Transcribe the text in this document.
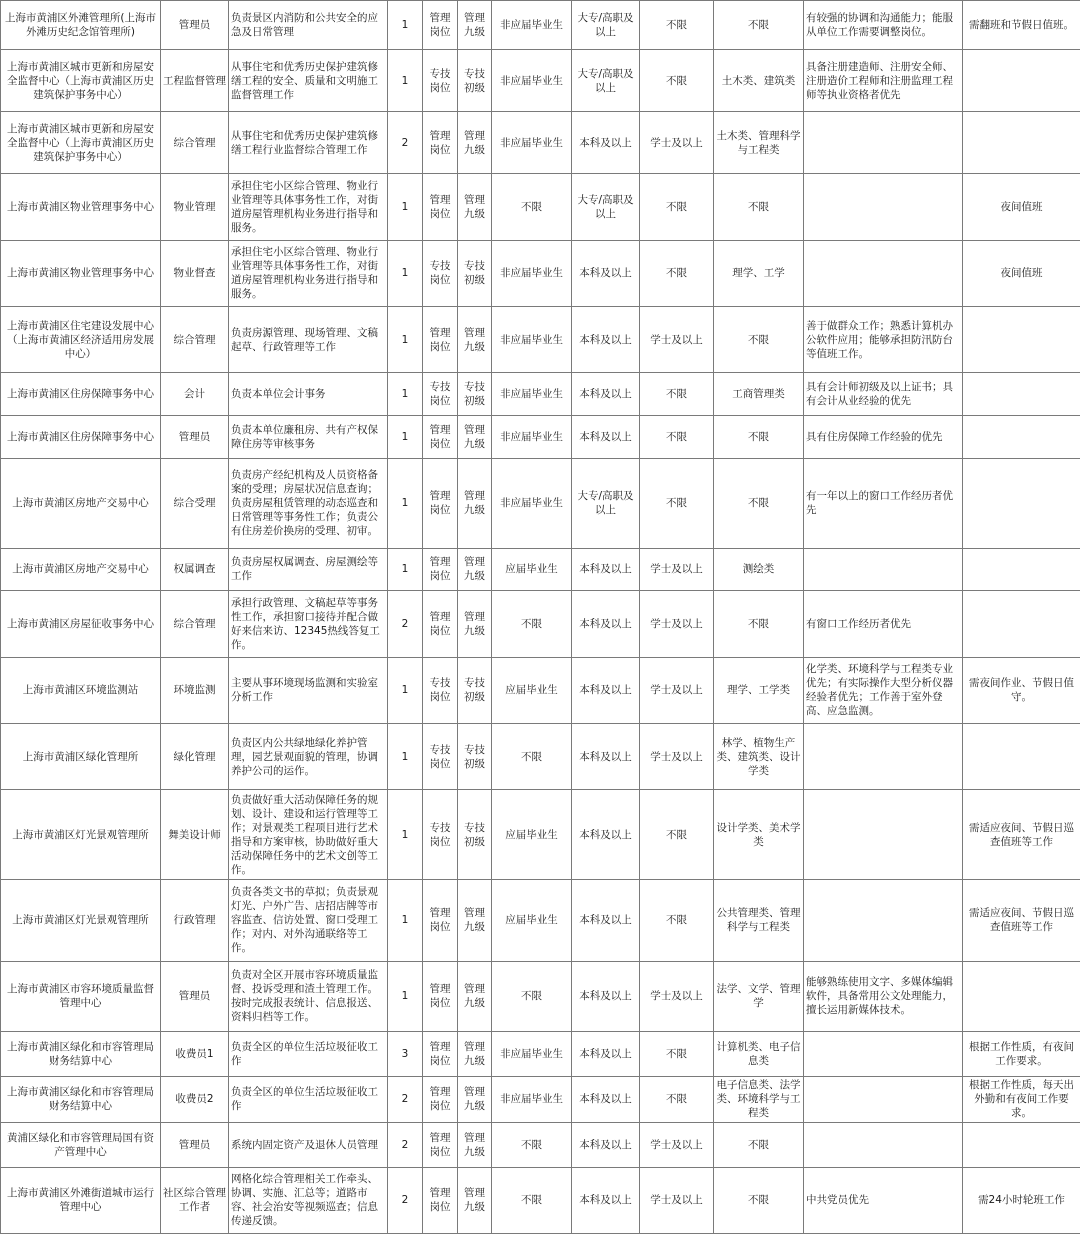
上海市黄浦区外滩管理所(上海市外滩历史纪念馆管理所)	管理员	负责景区内消防和公共安全的应急及日常管理	1	管理岗位	管理九级	非应届毕业生	大专/高职及以上	不限	不限	有较强的协调和沟通能力；能服从单位工作需要调整岗位。	需翻班和节假日值班。
上海市黄浦区城市更新和房屋安全监督中心（上海市黄浦区历史建筑保护事务中心）	工程监督管理	从事住宅和优秀历史保护建筑修缮工程的安全、质量和文明施工监督管理工作	1	专技岗位	专技初级	非应届毕业生	大专/高职及以上	不限	土木类、建筑类	具备注册建造师、注册安全师、注册造价工程师和注册监理工程师等执业资格者优先	
上海市黄浦区城市更新和房屋安全监督中心（上海市黄浦区历史建筑保护事务中心）	综合管理	从事住宅和优秀历史保护建筑修缮工程行业监督综合管理工作	2	管理岗位	管理九级	非应届毕业生	本科及以上	学士及以上	土木类、管理科学与工程类		
上海市黄浦区物业管理事务中心	物业管理	承担住宅小区综合管理、物业行业管理等具体事务性工作，对街道房屋管理机构业务进行指导和服务。	1	管理岗位	管理九级	不限	大专/高职及以上	不限	不限		夜间值班
上海市黄浦区物业管理事务中心	物业督查	承担住宅小区综合管理、物业行业管理等具体事务性工作，对街道房屋管理机构业务进行指导和服务。	1	专技岗位	专技初级	非应届毕业生	本科及以上	不限	理学、工学		夜间值班
上海市黄浦区住宅建设发展中心（上海市黄浦区经济适用房发展中心）	综合管理	负责房源管理、现场管理、文稿起草、行政管理等工作	1	管理岗位	管理九级	非应届毕业生	本科及以上	学士及以上	不限	善于做群众工作；熟悉计算机办公软件应用；能够承担防汛防台等值班工作。	
上海市黄浦区住房保障事务中心	会计	负责本单位会计事务	1	专技岗位	专技初级	非应届毕业生	本科及以上	不限	工商管理类	具有会计师初级及以上证书；具有会计从业经验的优先	
上海市黄浦区住房保障事务中心	管理员	负责本单位廉租房、共有产权保障住房等审核事务	1	管理岗位	管理九级	非应届毕业生	本科及以上	不限	不限	具有住房保障工作经验的优先	
上海市黄浦区房地产交易中心	综合受理	负责房产经纪机构及人员资格备案的受理；房屋状况信息查询；负责房屋租赁管理的动态巡查和日常管理等事务性工作；负责公有住房差价换房的受理、初审。	1	管理岗位	管理九级	非应届毕业生	大专/高职及以上	不限	不限	有一年以上的窗口工作经历者优先	
上海市黄浦区房地产交易中心	权属调查	负责房屋权属调查、房屋测绘等工作	1	管理岗位	管理九级	应届毕业生	本科及以上	学士及以上	测绘类		
上海市黄浦区房屋征收事务中心	综合管理	承担行政管理、文稿起草等事务性工作，承担窗口接待并配合做好来信来访、12345热线答复工作。	2	管理岗位	管理九级	不限	本科及以上	学士及以上	不限	有窗口工作经历者优先	
上海市黄浦区环境监测站	环境监测	主要从事环境现场监测和实验室分析工作	1	专技岗位	专技初级	应届毕业生	本科及以上	学士及以上	理学、工学类	化学类、环境科学与工程类专业优先；有实际操作大型分析仪器经验者优先；工作善于室外登高、应急监测。	需夜间作业、节假日值守。
上海市黄浦区绿化管理所	绿化管理	负责区内公共绿地绿化养护管理，园艺景观面貌的管理，协调养护公司的运作。	1	专技岗位	专技初级	不限	本科及以上	学士及以上	林学、植物生产类、建筑类、设计学类		
上海市黄浦区灯光景观管理所	舞美设计师	负责做好重大活动保障任务的规划、设计、建设和运行管理等工作；对景观类工程项目进行艺术指导和方案审核，协助做好重大活动保障任务中的艺术文创等工作。	1	专技岗位	专技初级	应届毕业生	本科及以上	不限	设计学类、美术学类		需适应夜间、节假日巡查值班等工作
上海市黄浦区灯光景观管理所	行政管理	负责各类文书的草拟；负责景观灯光、户外广告、店招店牌等市容监查、信访处置、窗口受理工作；对内、对外沟通联络等工作。	1	管理岗位	管理九级	应届毕业生	本科及以上	不限	公共管理类、管理科学与工程类		需适应夜间、节假日巡查值班等工作
上海市黄浦区市容环境质量监督管理中心	管理员	负责对全区开展市容环境质量监督、投诉受理和渣土管理工作。按时完成报表统计、信息报送、资料归档等工作。	1	管理岗位	管理九级	不限	本科及以上	学士及以上	法学、文学、管理学	能够熟练使用文字、多媒体编辑软件，具备常用公文处理能力，擅长运用新媒体技术。	
上海市黄浦区绿化和市容管理局财务结算中心	收费员1	负责全区的单位生活垃圾征收工作	3	管理岗位	管理九级	非应届毕业生	本科及以上	不限	计算机类、电子信息类		根据工作性质，有夜间工作要求。
上海市黄浦区绿化和市容管理局财务结算中心	收费员2	负责全区的单位生活垃圾征收工作	2	管理岗位	管理九级	非应届毕业生	本科及以上	不限	电子信息类、法学类、环境科学与工程类		根据工作性质，每天出外勤和有夜间工作要求。
黄浦区绿化和市容管理局国有资产管理中心	管理员	系统内固定资产及退休人员管理	2	管理岗位	管理九级	不限	本科及以上	学士及以上	不限		
上海市黄浦区外滩街道城市运行管理中心	社区综合管理工作者	网格化综合管理相关工作牵头、协调、实施、汇总等；道路市容、社会治安等视频巡查；信息传递反馈。	2	管理岗位	管理九级	不限	本科及以上	学士及以上	不限	中共党员优先	需24小时轮班工作
